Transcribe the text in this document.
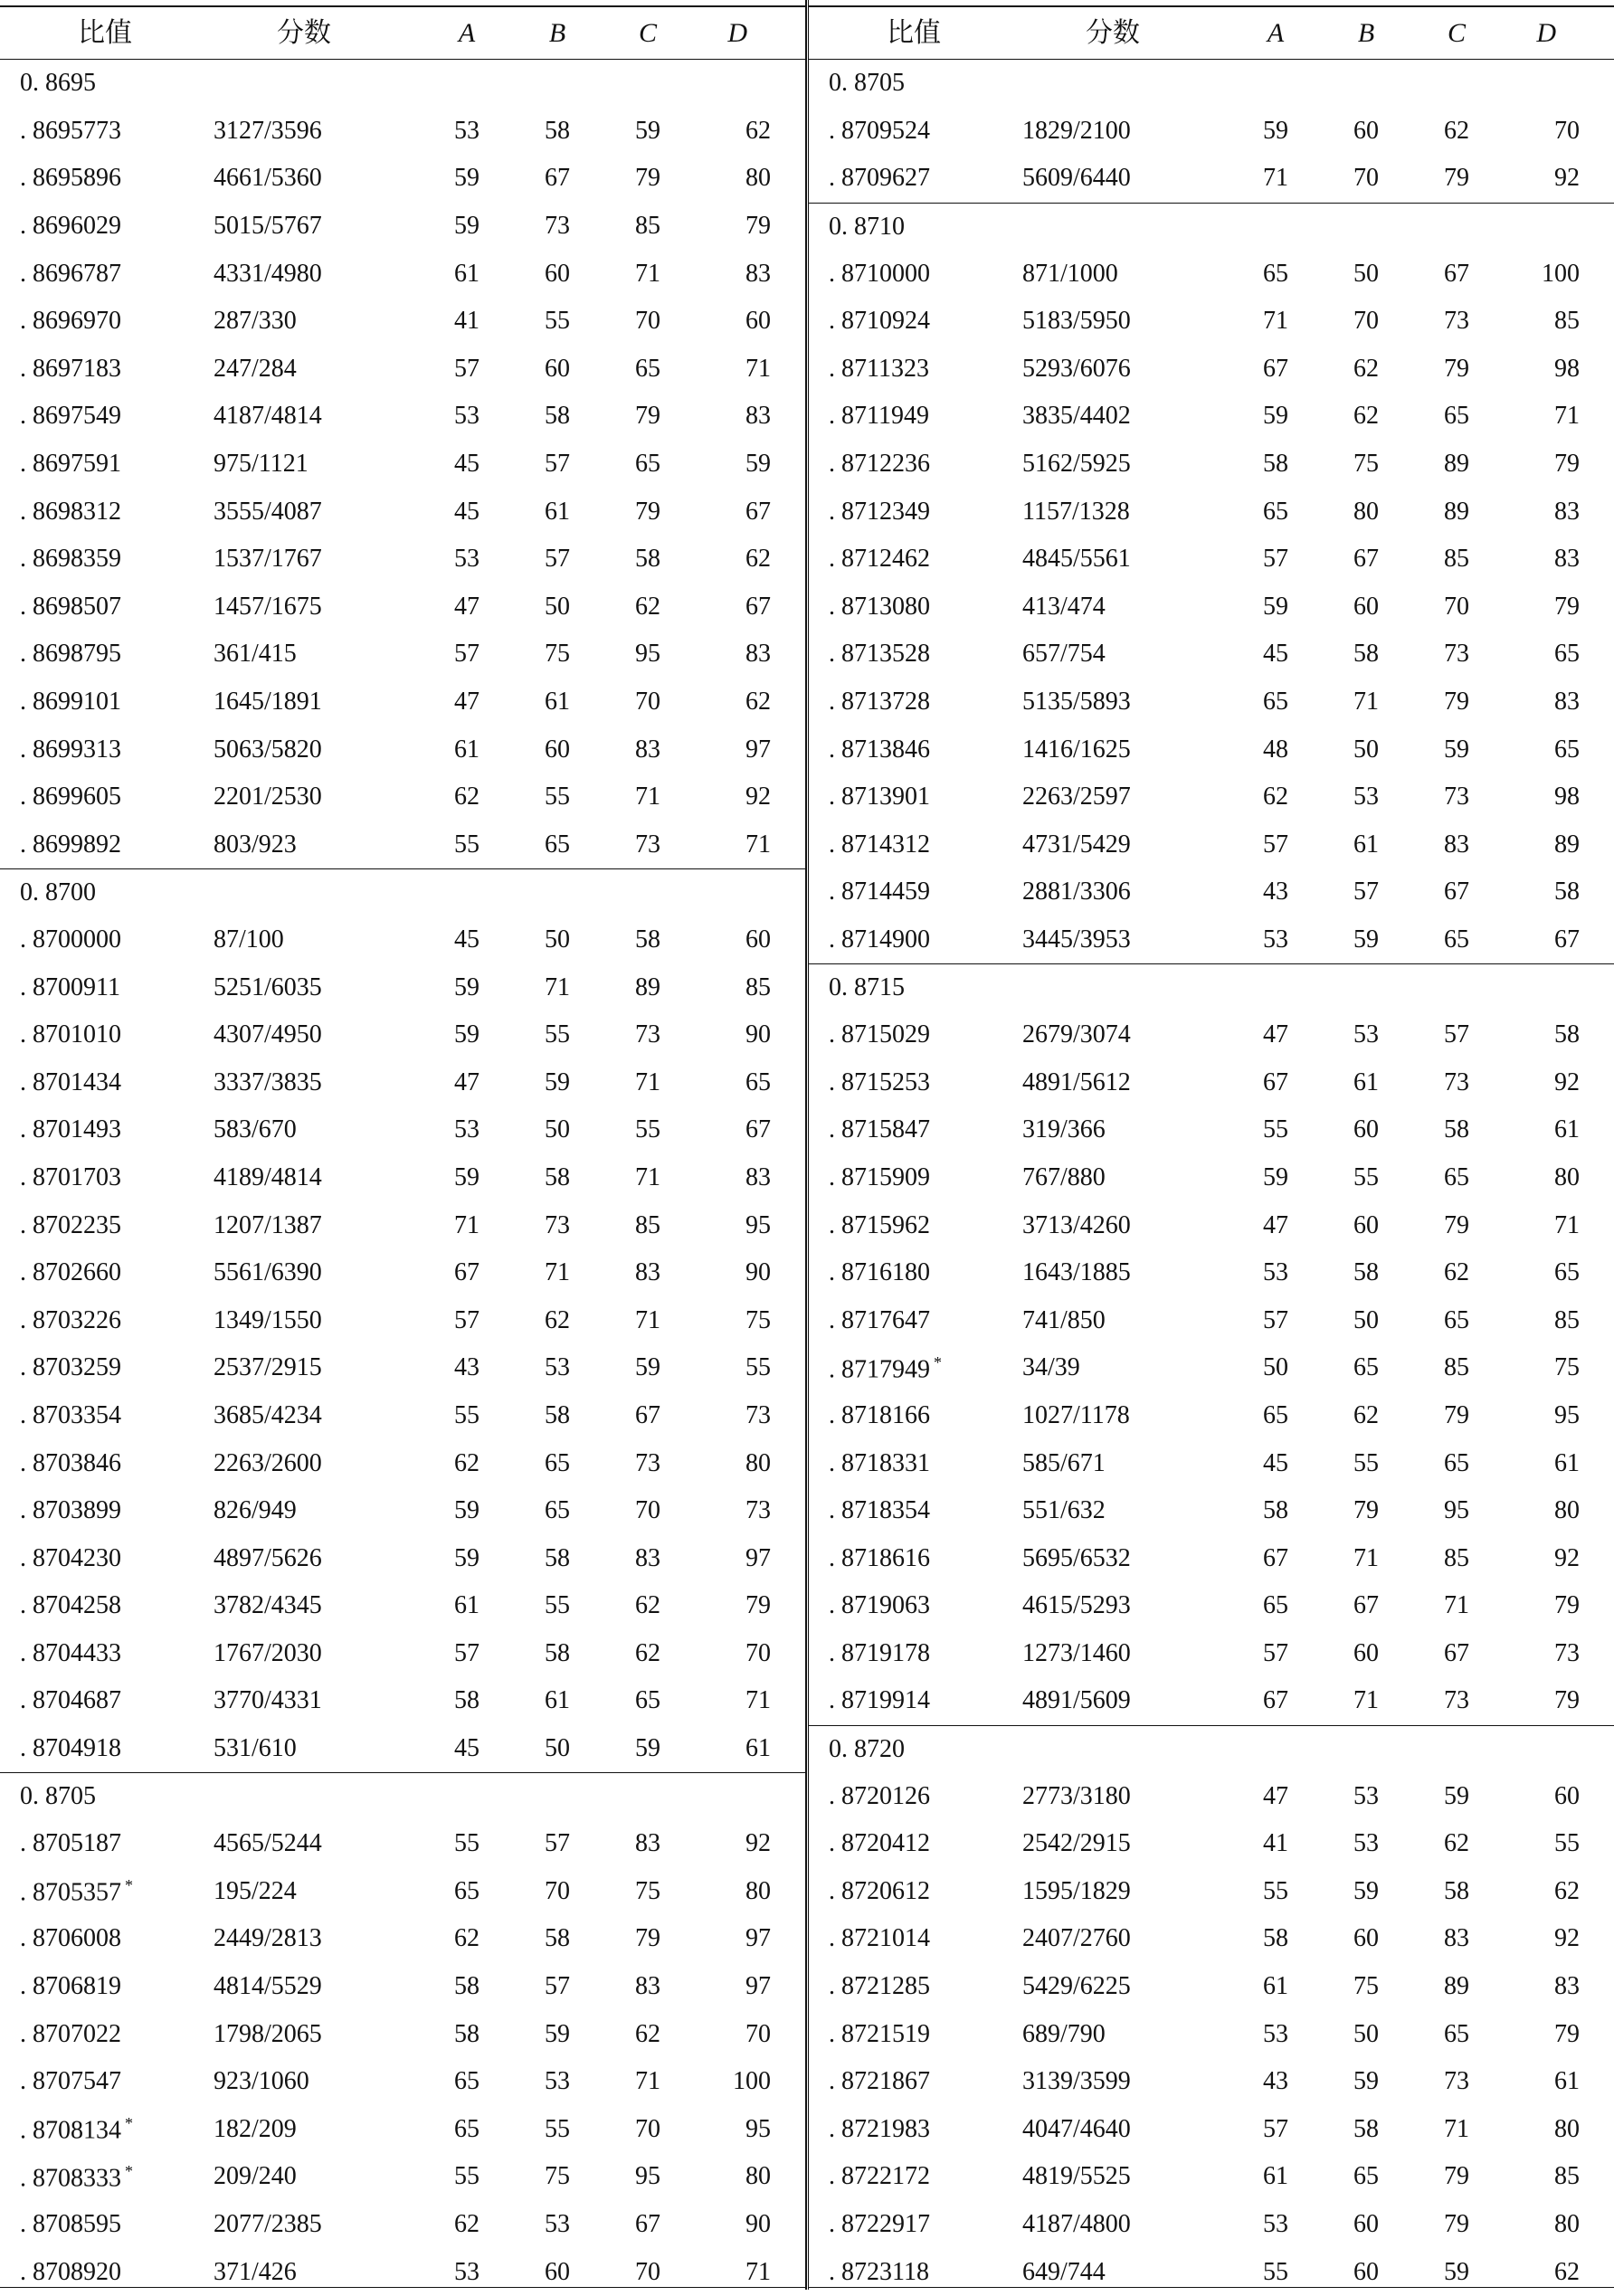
比值	分数	A	B	C	D
0. 8695
. 8695773	3127/3596	53	58	59	62
. 8695896	4661/5360	59	67	79	80
. 8696029	5015/5767	59	73	85	79
. 8696787	4331/4980	61	60	71	83
. 8696970	287/330	41	55	70	60
. 8697183	247/284	57	60	65	71
. 8697549	4187/4814	53	58	79	83
. 8697591	975/1121	45	57	65	59
. 8698312	3555/4087	45	61	79	67
. 8698359	1537/1767	53	57	58	62
. 8698507	1457/1675	47	50	62	67
. 8698795	361/415	57	75	95	83
. 8699101	1645/1891	47	61	70	62
. 8699313	5063/5820	61	60	83	97
. 8699605	2201/2530	62	55	71	92
. 8699892	803/923	55	65	73	71
0. 8700
. 8700000	87/100	45	50	58	60
. 8700911	5251/6035	59	71	89	85
. 8701010	4307/4950	59	55	73	90
. 8701434	3337/3835	47	59	71	65
. 8701493	583/670	53	50	55	67
. 8701703	4189/4814	59	58	71	83
. 8702235	1207/1387	71	73	85	95
. 8702660	5561/6390	67	71	83	90
. 8703226	1349/1550	57	62	71	75
. 8703259	2537/2915	43	53	59	55
. 8703354	3685/4234	55	58	67	73
. 8703846	2263/2600	62	65	73	80
. 8703899	826/949	59	65	70	73
. 8704230	4897/5626	59	58	83	97
. 8704258	3782/4345	61	55	62	79
. 8704433	1767/2030	57	58	62	70
. 8704687	3770/4331	58	61	65	71
. 8704918	531/610	45	50	59	61
0. 8705
. 8705187	4565/5244	55	57	83	92
. 8705357 *	195/224	65	70	75	80
. 8706008	2449/2813	62	58	79	97
. 8706819	4814/5529	58	57	83	97
. 8707022	1798/2065	58	59	62	70
. 8707547	923/1060	65	53	71	100
. 8708134 *	182/209	65	55	70	95
. 8708333 *	209/240	55	75	95	80
. 8708595	2077/2385	62	53	67	90
. 8708920	371/426	53	60	70	71
比值	分数	A	B	C	D
0. 8705
. 8709524	1829/2100	59	60	62	70
. 8709627	5609/6440	71	70	79	92
0. 8710
. 8710000	871/1000	65	50	67	100
. 8710924	5183/5950	71	70	73	85
. 8711323	5293/6076	67	62	79	98
. 8711949	3835/4402	59	62	65	71
. 8712236	5162/5925	58	75	89	79
. 8712349	1157/1328	65	80	89	83
. 8712462	4845/5561	57	67	85	83
. 8713080	413/474	59	60	70	79
. 8713528	657/754	45	58	73	65
. 8713728	5135/5893	65	71	79	83
. 8713846	1416/1625	48	50	59	65
. 8713901	2263/2597	62	53	73	98
. 8714312	4731/5429	57	61	83	89
. 8714459	2881/3306	43	57	67	58
. 8714900	3445/3953	53	59	65	67
0. 8715
. 8715029	2679/3074	47	53	57	58
. 8715253	4891/5612	67	61	73	92
. 8715847	319/366	55	60	58	61
. 8715909	767/880	59	55	65	80
. 8715962	3713/4260	47	60	79	71
. 8716180	1643/1885	53	58	62	65
. 8717647	741/850	57	50	65	85
. 8717949 *	34/39	50	65	85	75
. 8718166	1027/1178	65	62	79	95
. 8718331	585/671	45	55	65	61
. 8718354	551/632	58	79	95	80
. 8718616	5695/6532	67	71	85	92
. 8719063	4615/5293	65	67	71	79
. 8719178	1273/1460	57	60	67	73
. 8719914	4891/5609	67	71	73	79
0. 8720
. 8720126	2773/3180	47	53	59	60
. 8720412	2542/2915	41	53	62	55
. 8720612	1595/1829	55	59	58	62
. 8721014	2407/2760	58	60	83	92
. 8721285	5429/6225	61	75	89	83
. 8721519	689/790	53	50	65	79
. 8721867	3139/3599	43	59	73	61
. 8721983	4047/4640	57	58	71	80
. 8722172	4819/5525	61	65	79	85
. 8722917	4187/4800	53	60	79	80
. 8723118	649/744	55	60	59	62
